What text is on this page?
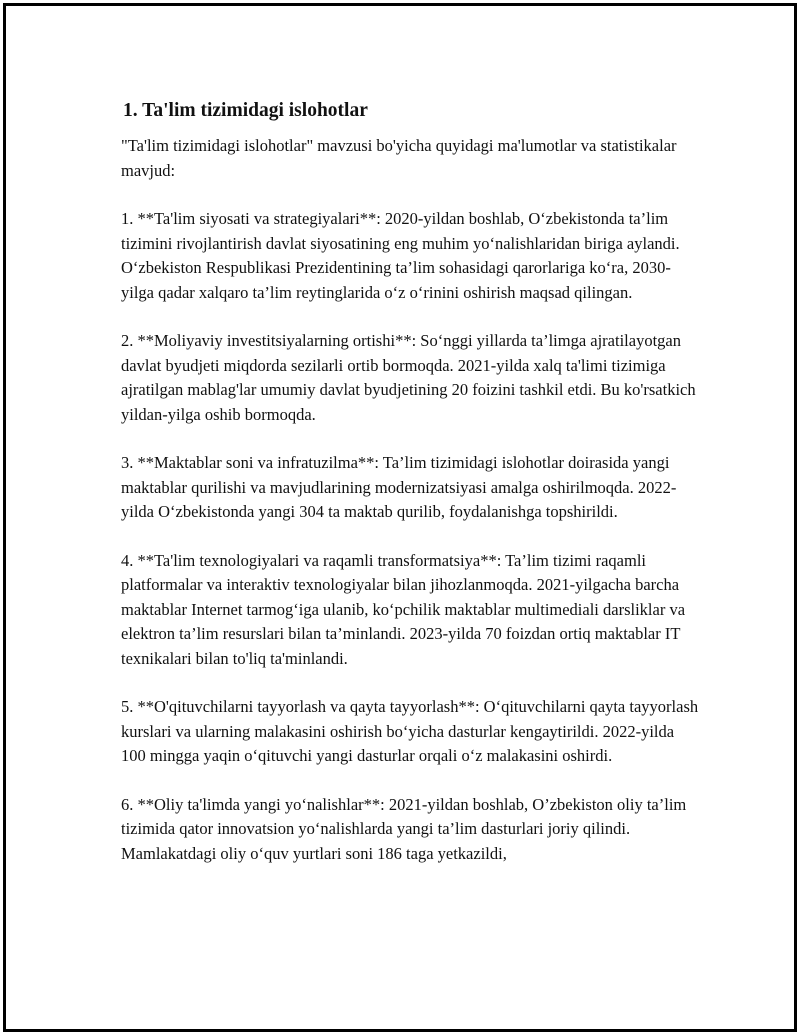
1. Ta'lim tizimidagi islohotlar

"Ta'lim tizimidagi islohotlar" mavzusi bo'yicha quyidagi ma'lumotlar va statistikalar mavjud:

1. **Ta'lim siyosati va strategiyalari**: 2020-yildan boshlab, O‘zbekistonda ta’lim tizimini rivojlantirish davlat siyosatining eng muhim yo‘nalishlaridan biriga aylandi. O‘zbekiston Respublikasi Prezidentining ta’lim sohasidagi qarorlariga ko‘ra, 2030-yilga qadar xalqaro ta’lim reytinglarida o‘z o‘rinini oshirish maqsad qilingan.

2. **Moliyaviy investitsiyalarning ortishi**: So‘nggi yillarda ta’limga ajratilayotgan davlat byudjeti miqdorda sezilarli ortib bormoqda. 2021-yilda xalq ta'limi tizimiga ajratilgan mablag'lar umumiy davlat byudjetining 20 foizini tashkil etdi. Bu ko'rsatkich yildan-yilga oshib bormoqda.

3. **Maktablar soni va infratuzilma**: Ta’lim tizimidagi islohotlar doirasida yangi maktablar qurilishi va mavjudlarining modernizatsiyasi amalga oshirilmoqda. 2022-yilda O‘zbekistonda yangi 304 ta maktab qurilib, foydalanishga topshirildi.

4. **Ta'lim texnologiyalari va raqamli transformatsiya**: Ta’lim tizimi raqamli platformalar va interaktiv texnologiyalar bilan jihozlanmoqda. 2021-yilgacha barcha maktablar Internet tarmog‘iga ulanib, ko‘pchilik maktablar multimediali darsliklar va elektron ta’lim resurslari bilan ta’minlandi. 2023-yilda 70 foizdan ortiq maktablar IT texnikalari bilan to'liq ta'minlandi.

5. **O'qituvchilarni tayyorlash va qayta tayyorlash**: O‘qituvchilarni qayta tayyorlash kurslari va ularning malakasini oshirish bo‘yicha dasturlar kengaytirildi. 2022-yilda 100 mingga yaqin o‘qituvchi yangi dasturlar orqali o‘z malakasini oshirdi.

6. **Oliy ta'limda yangi yo‘nalishlar**: 2021-yildan boshlab, O’zbekiston oliy ta’lim tizimida qator innovatsion yo‘nalishlarda yangi ta’lim dasturlari joriy qilindi. Mamlakatdagi oliy o‘quv yurtlari soni 186 taga yetkazildi,
